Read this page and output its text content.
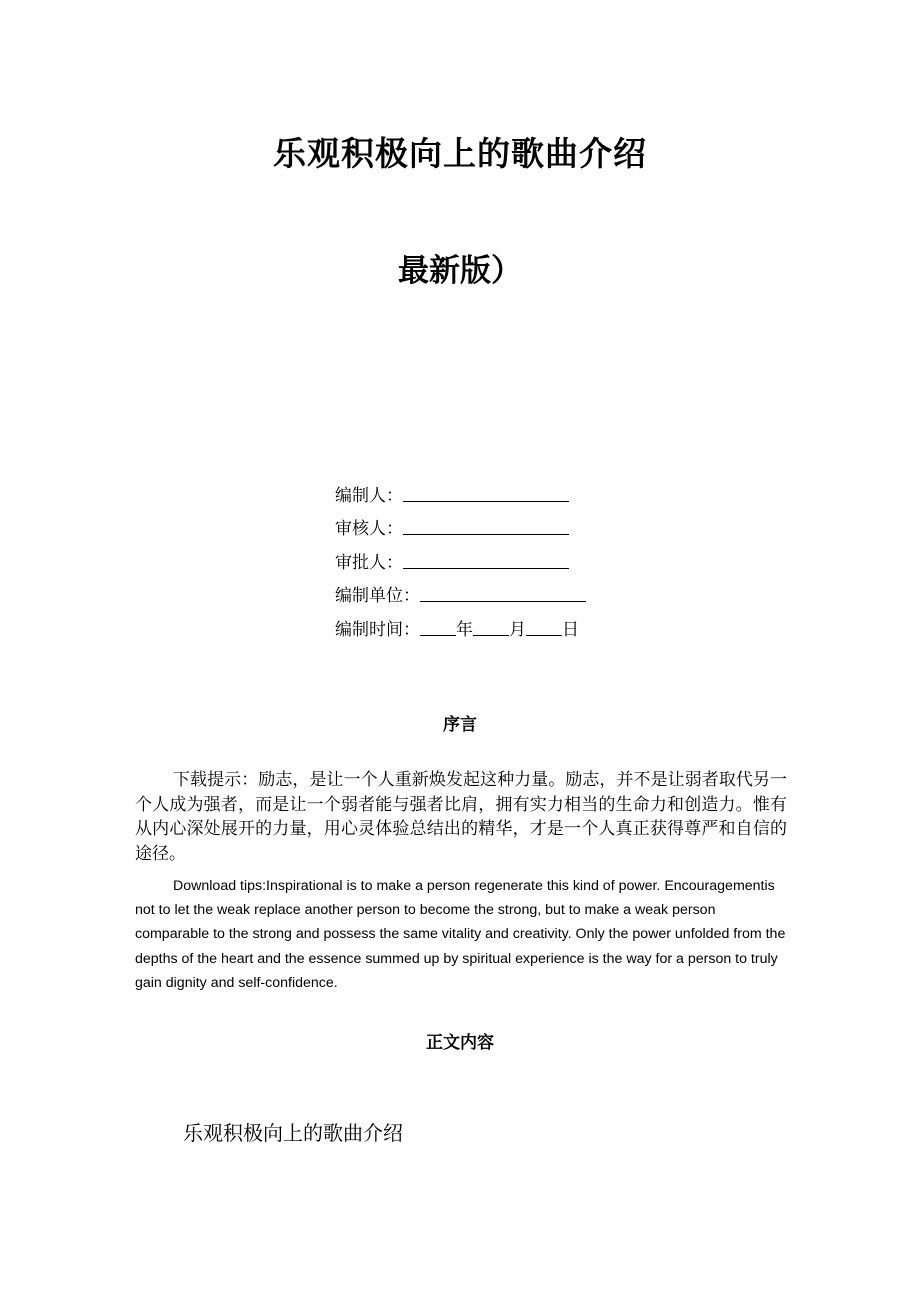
乐观积极向上的歌曲介绍
最新版）
编制人：
审核人：
审批人：
编制单位：
编制时间： 年 月 日
序言
下载提示：励志，是让一个人重新焕发起这种力量。励志，并不是让弱者取代另一个人成为强者，而是让一个弱者能与强者比肩，拥有实力相当的生命力和创造力。惟有从内心深处展开的力量，用心灵体验总结出的精华，才是一个人真正获得尊严和自信的途径。
Download tips:Inspirational is to make a person regenerate this kind of power. Encouragementis not to let the weak replace another person to become the strong, but to make a weak person comparable to the strong and possess the same vitality and creativity. Only the power unfolded from the depths of the heart and the essence summed up by spiritual experience is the way for a person to truly gain dignity and self-confidence.
正文内容
乐观积极向上的歌曲介绍
